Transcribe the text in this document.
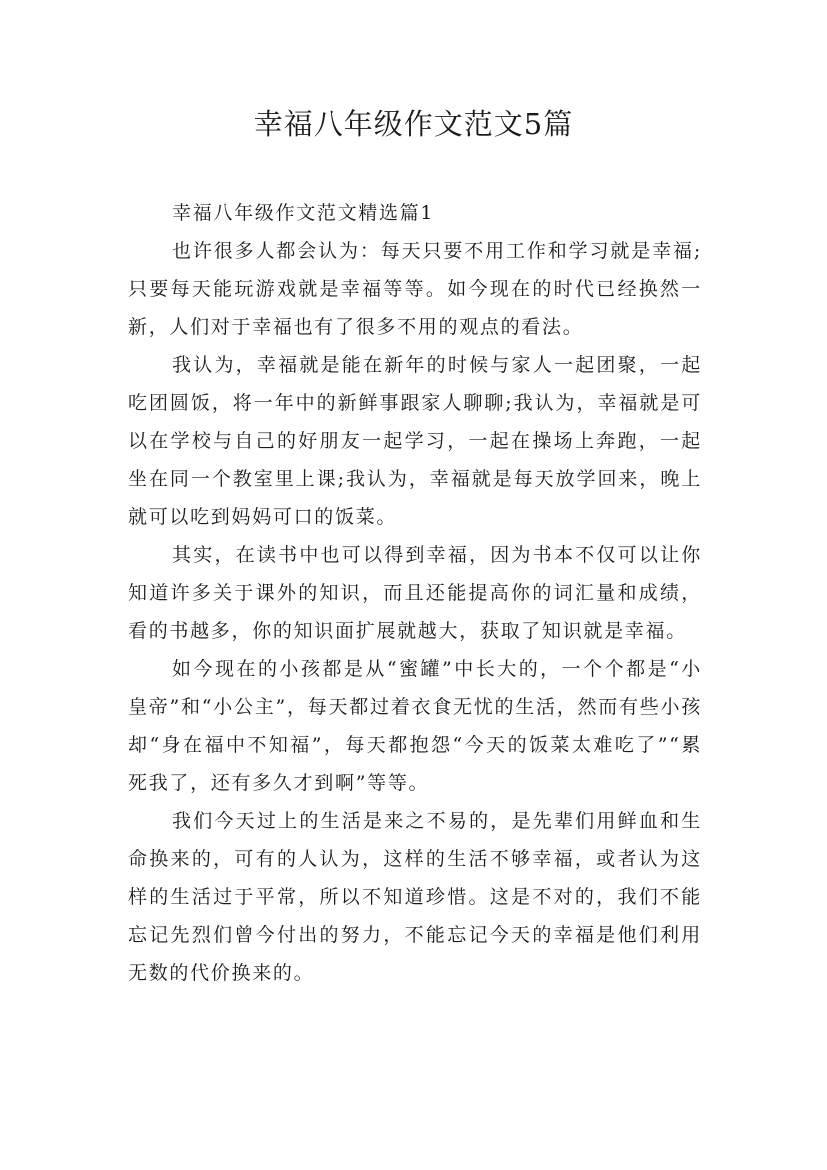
幸福八年级作文范文5篇

幸福八年级作文范文精选篇1

也许很多人都会认为：每天只要不用工作和学习就是幸福;只要每天能玩游戏就是幸福等等。如今现在的时代已经换然一新，人们对于幸福也有了很多不用的观点的看法。

我认为，幸福就是能在新年的时候与家人一起团聚，一起吃团圆饭，将一年中的新鲜事跟家人聊聊;我认为，幸福就是可以在学校与自己的好朋友一起学习，一起在操场上奔跑，一起坐在同一个教室里上课;我认为，幸福就是每天放学回来，晚上就可以吃到妈妈可口的饭菜。

其实，在读书中也可以得到幸福，因为书本不仅可以让你知道许多关于课外的知识，而且还能提高你的词汇量和成绩，看的书越多，你的知识面扩展就越大，获取了知识就是幸福。

如今现在的小孩都是从“蜜罐”中长大的，一个个都是“小皇帝”和“小公主”，每天都过着衣食无忧的生活，然而有些小孩却“身在福中不知福”，每天都抱怨“今天的饭菜太难吃了”“累死我了，还有多久才到啊”等等。

我们今天过上的生活是来之不易的，是先辈们用鲜血和生命换来的，可有的人认为，这样的生活不够幸福，或者认为这样的生活过于平常，所以不知道珍惜。这是不对的，我们不能忘记先烈们曾今付出的努力，不能忘记今天的幸福是他们利用无数的代价换来的。
